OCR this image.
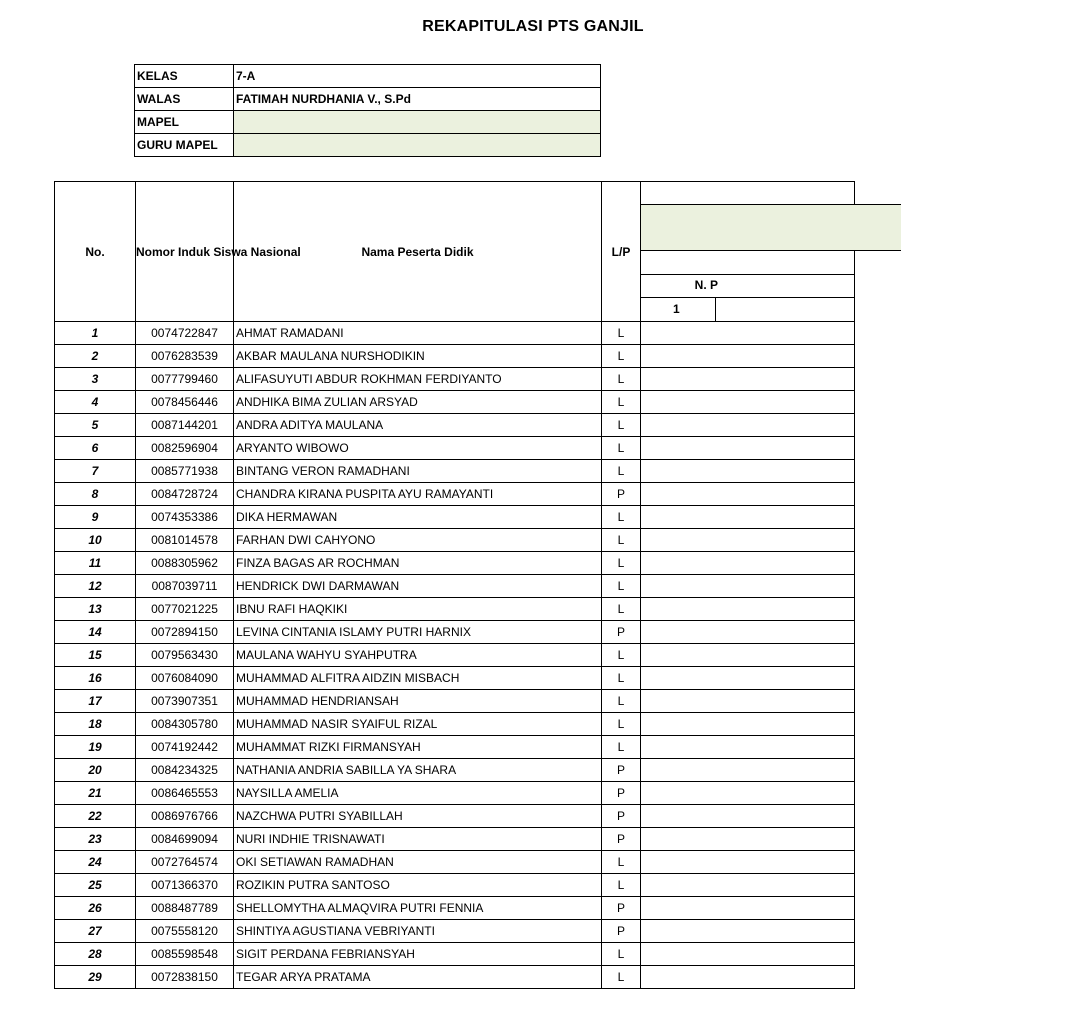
REKAPITULASI PTS GANJIL
KELAS	7-A
WALAS	FATIMAH NURDHANIA V., S.Pd
MAPEL	
GURU MAPEL	
No.	Nomor Induk Siswa Nasional	Nama Peserta Didik	L/P	N. P
1

1	0074722847	AHMAT RAMADANI	L	
2	0076283539	AKBAR MAULANA NURSHODIKIN	L	
3	0077799460	ALIFASUYUTI ABDUR ROKHMAN FERDIYANTO	L	
4	0078456446	ANDHIKA BIMA ZULIAN ARSYAD	L	
5	0087144201	ANDRA ADITYA MAULANA	L	
6	0082596904	ARYANTO WIBOWO	L	
7	0085771938	BINTANG VERON RAMADHANI	L	
8	0084728724	CHANDRA KIRANA PUSPITA AYU RAMAYANTI	P	
9	0074353386	DIKA HERMAWAN	L	
10	0081014578	FARHAN DWI CAHYONO	L	
11	0088305962	FINZA BAGAS AR ROCHMAN	L	
12	0087039711	HENDRICK DWI DARMAWAN	L	
13	0077021225	IBNU RAFI HAQKIKI	L	
14	0072894150	LEVINA CINTANIA ISLAMY PUTRI HARNIX	P	
15	0079563430	MAULANA WAHYU SYAHPUTRA	L	
16	0076084090	MUHAMMAD ALFITRA AIDZIN MISBACH	L	
17	0073907351	MUHAMMAD HENDRIANSAH	L	
18	0084305780	MUHAMMAD NASIR SYAIFUL RIZAL	L	
19	0074192442	MUHAMMAT RIZKI FIRMANSYAH	L	
20	0084234325	NATHANIA ANDRIA SABILLA YA SHARA	P	
21	0086465553	NAYSILLA AMELIA	P	
22	0086976766	NAZCHWA PUTRI SYABILLAH	P	
23	0084699094	NURI INDHIE TRISNAWATI	P	
24	0072764574	OKI SETIAWAN RAMADHAN	L	
25	0071366370	ROZIKIN PUTRA SANTOSO	L	
26	0088487789	SHELLOMYTHA ALMAQVIRA PUTRI FENNIA	P	
27	0075558120	SHINTIYA AGUSTIANA VEBRIYANTI	P	
28	0085598548	SIGIT PERDANA FEBRIANSYAH	L	
29	0072838150	TEGAR ARYA PRATAMA	L	
